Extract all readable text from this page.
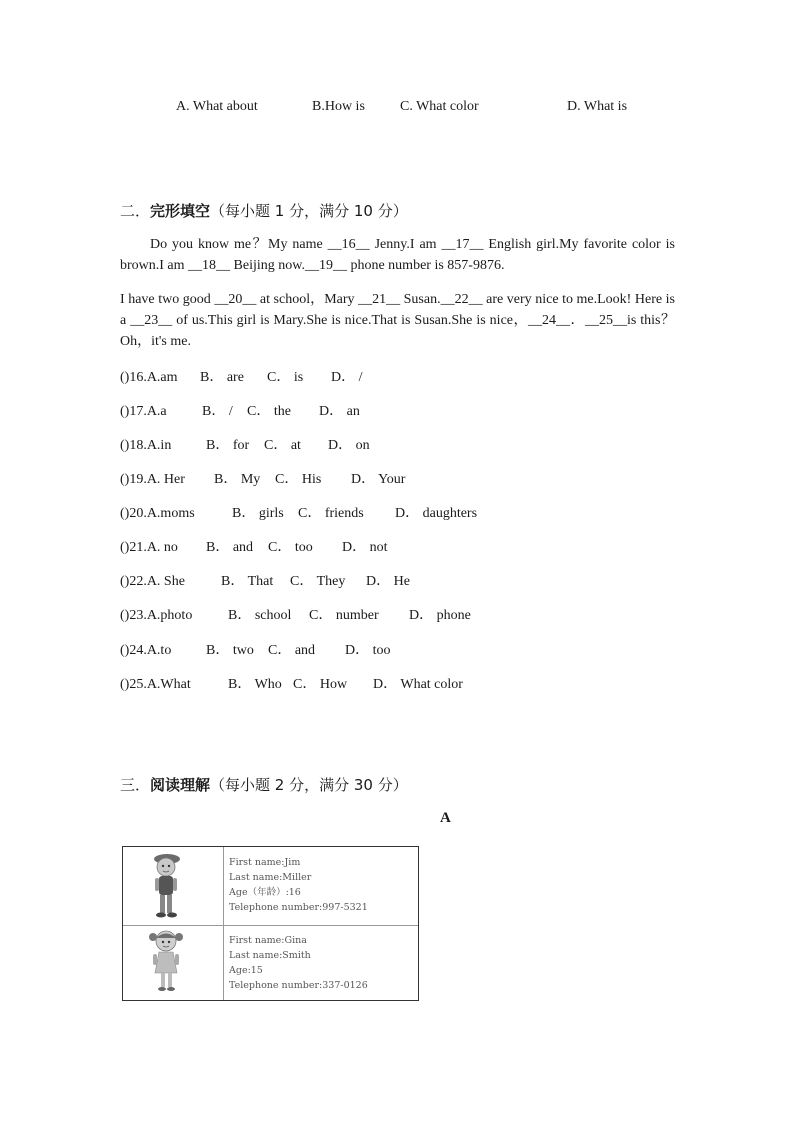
A. What about	B.How is	C. What color	D. What is
二．完形填空（每小题 1 分，满分 10 分）
Do you know me？My name __16__ Jenny.I am __17__ English girl.My favorite color is brown.I am __18__ Beijing now.__19__ phone number is 857-9876.
I have two good __20__ at school，Mary __21__ Susan.__22__ are very nice to me.Look! Here is a __23__ of us.This girl is Mary.She is nice.That is Susan.She is nice，__24__．__25__is this？Oh，it's me.
()16.A.am B． are C． is D． /
()17.A.a	B． / C． the D． an
()18.A.in B． for C． at D． on
()19.A. Her B． My C． His D． Your
()20.A.moms	B． girls C． friends D． daughters
()21.A. no B． and C． too D． not
()22.A. She	B． That C． They D． He
()23.A.photo	B． school C． number D． phone
()24.A.to B． two C． and D． too
()25.A.What	B． Who C． How D． What color
三．阅读理解（每小题 2 分，满分 30 分）
A
First name:Jim
Last name:Miller
Age（年龄）:16
Telephone number:997-5321
First name:Gina
Last name:Smith
Age:15
Telephone number:337-0126
